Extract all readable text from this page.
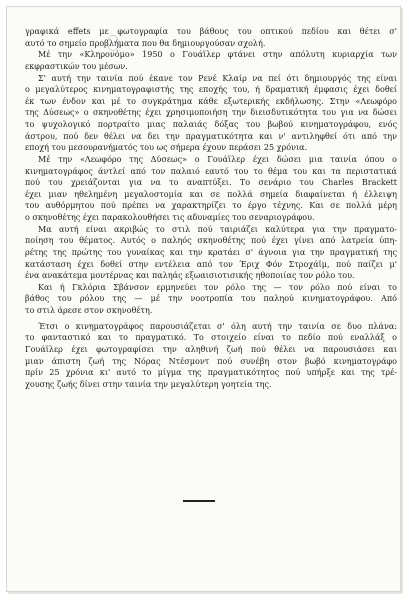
γραφικά effets με φωτογραφία του βάθους του οπτικού πεδίου και θέτει σ'
αυτό το σημείο προβλήματα που θα δημιουργούσαν σχολή.
Μέ την «Κληρονόμο» 1950 ο Γουάϊλερ φτάνει στην απόλυτη κυριαρχία των
εκφραστικών του μέσων.
Σ' αυτή την ταινία πού έκανε τον Ρενέ Κλαίρ να πεί ότι δημιουργός της είναι
ο μεγαλύτερος κινηματογραφιστής της εποχής του, ή δραματική έμφασις έχει δοθεί
έκ των ένδον και μέ το συγκράτημα κάθε εξωτερικής εκδήλωσης. Στην «Λεωφόρο
της Δύσεως» ο σκηνοθέτης έχει χρησιμοποιήση την διεισδυτικότητα του για να δώσει
το ψυχολογικό πορτραίτο μιας παλαιάς δόξας του βωβού κινηματογράφου, ενός
άστρου, πού δεν θέλει να δει την πραγματικότητα και ν' αντιληφθεί ότι από την
εποχή του μεσουρανήματός του ως σήμερα έχουν περάσει 25 χρόνια.
Μέ την «Λεωφόρο της Δύσεως» ο Γουάϊλερ έχει δώσει μια ταινία όπου ο
κινηματογράφος άντλεί από τον παλαιό εαυτό του το θέμα του και τα περιστατικά
πού του χρειάζονται για να το αναπτύξει. Το σενάριο του Charles Brackett
έχει μιαν ηθελημένη μεγαλοστομία και σε πολλά σημεία διαφαίνεται ή έλλειψη
του αυθόρμητου πού πρέπει να χαρακτηρίζει το έργο τέχνης. Και σε πολλά μέρη
ο σκηνοθέτης έχει παρακολουθήσει τις αδυναμίες του σεναριογράφου.
Μα αυτή είναι ακριβώς το στιλ πού ταιριάζει καλύτερα για την πραγματο-
ποίηση του θέματος. Αυτός ο παληός σκηνοθέτης πού έχει γίνει από λατρεία ύπη-
ρέτης της πρώτης του γυναίκας και την κρατάει σ' άγνοια για την πραγματική της
κατάσταση έχει δοθεί στην εντέλεια από τον Έριχ Φόν Στροχάϊμ, πού παίζει μ'
ένα ανακάτεμα μοντέρνας και παληάς εξωαισιοτισικής ηθοποιίας τον ρόλο του.
Και ή Γκλόρια Σβάνσον ερμηνεύει τον ρόλο της — τον ρόλο πού είναι το
βάθος του ρόλου της — μέ την νοοτροπία του παληού κινηματογράφου. Από
το στιλ άρεσε στον σκηνοθέτη.
Έτσι ο κινηματογράφος παρουσιάζεται σ' όλη αυτή την ταινία σε δυο πλάνα:
το φανταστικό και το πραγματικό. Το στοιχείο είναι το πεδίο πού εναλλάξ ο
Γουάϊλερ έχει φωτογραφίσει την αληθινή ζωή πού θέλει να παρουσιάσει και
μιαν άπιστη ζωή της Νόρας Ντέσμοντ πού συνέβη στον βωβό κινηματογράφο
πρίν 25 χρόνια κι' αυτό το μίγμα της πραγματικότητος πού υπήρξε και της τρέ-
χουσης ζωής δίνει στην ταινία την μεγαλύτερη γοητεία της.
